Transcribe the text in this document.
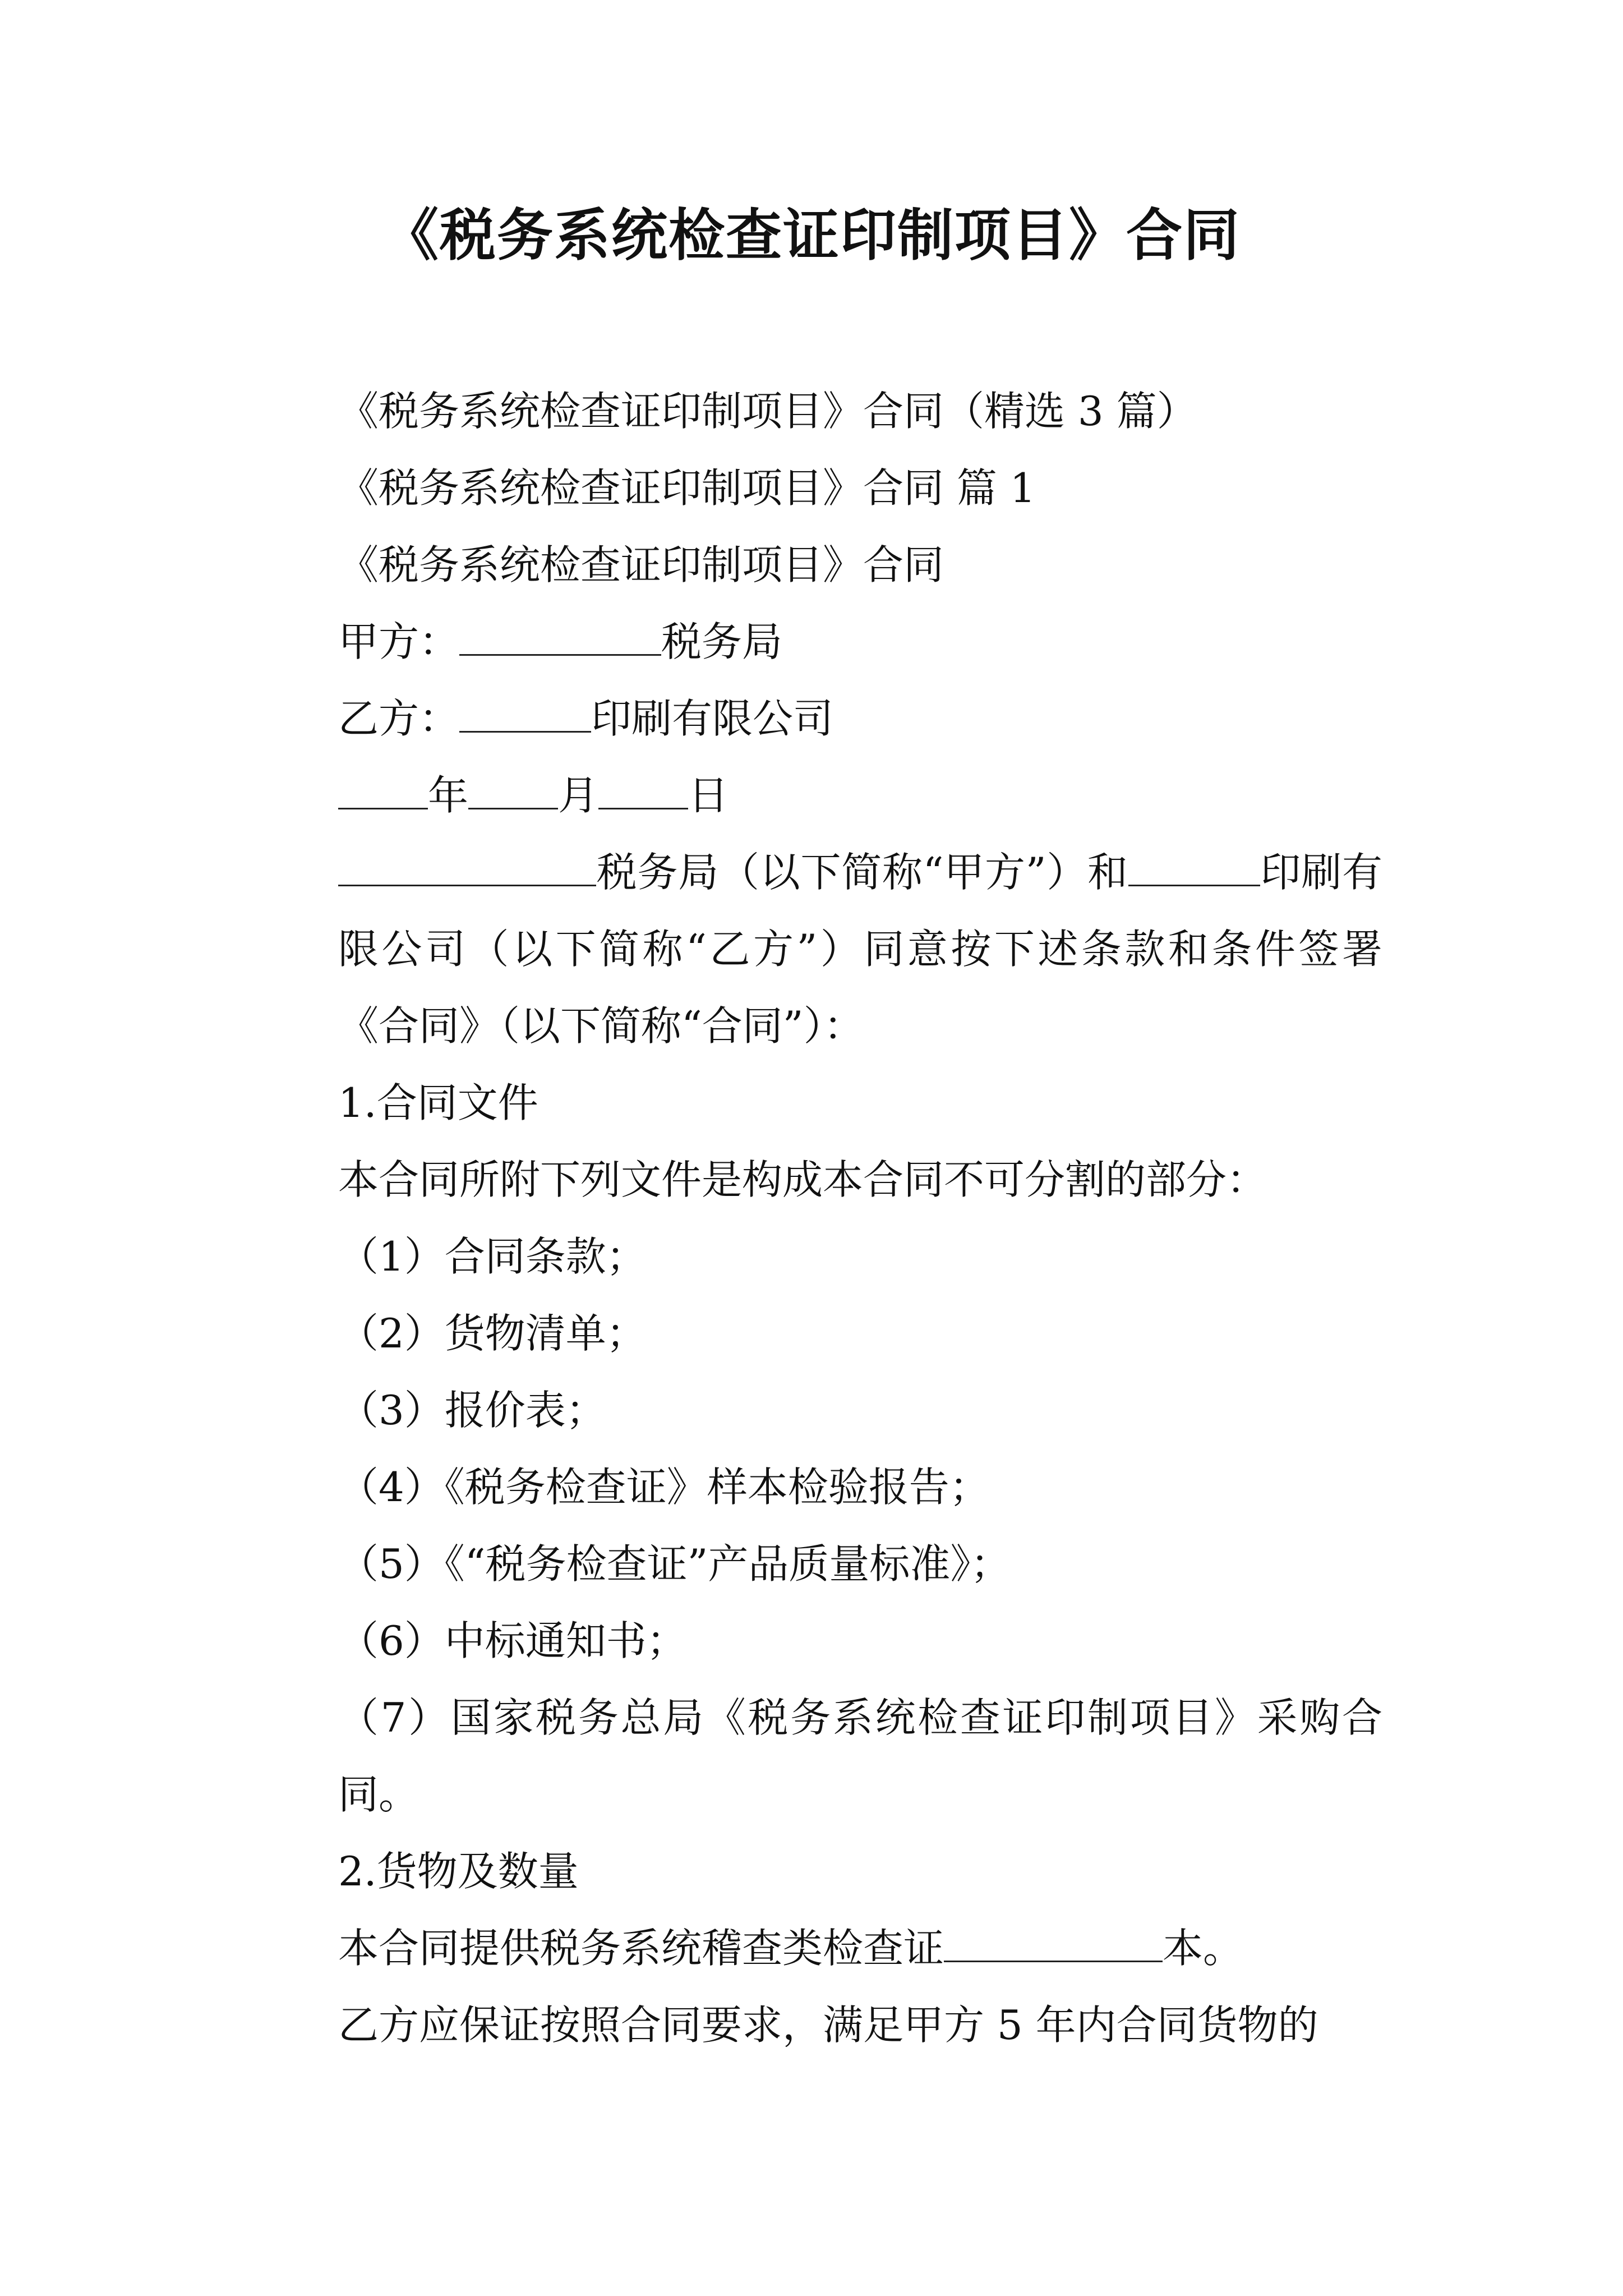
《税务系统检查证印制项目》合同

《税务系统检查证印制项目》合同（精选 3 篇）

《税务系统检查证印制项目》合同 篇 1

《税务系统检查证印制项目》合同

甲方：	税务局

乙方：	印刷有限公司

年 月 日

税务局（以下简称“甲方”）和	印刷有限公司（以下简称“乙方”）同意按下述条款和条件签署《合同》（以下简称“合同”）：

1.合同文件

本合同所附下列文件是构成本合同不可分割的部分：

（1）合同条款；

（2）货物清单；

（3）报价表；

（4）《税务检查证》样本检验报告；

（5）《“税务检查证”产品质量标准》；

（6）中标通知书；

（7）国家税务总局《税务系统检查证印制项目》采购合同。

2.货物及数量

本合同提供税务系统稽查类检查证	本。

乙方应保证按照合同要求，满足甲方 5 年内合同货物的
